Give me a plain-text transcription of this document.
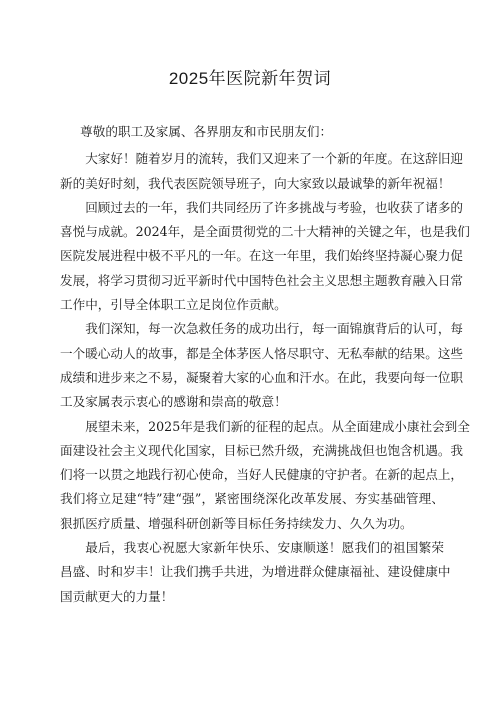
2025年医院新年贺词

尊敬的职工及家属、各界朋友和市民朋友们：

大家好！随着岁月的流转，我们又迎来了一个新的年度。在这辞旧迎
新的美好时刻，我代表医院领导班子，向大家致以最诚挚的新年祝福！
回顾过去的一年，我们共同经历了许多挑战与考验，也收获了诸多的
喜悦与成就。2024年，是全面贯彻党的二十大精神的关键之年，也是我们
医院发展进程中极不平凡的一年。在这一年里，我们始终坚持凝心聚力促
发展，将学习贯彻习近平新时代中国特色社会主义思想主题教育融入日常
工作中，引导全体职工立足岗位作贡献。
我们深知，每一次急救任务的成功出行，每一面锦旗背后的认可，每
一个暖心动人的故事，都是全体茅医人恪尽职守、无私奉献的结果。这些
成绩和进步来之不易，凝聚着大家的心血和汗水。在此，我要向每一位职
工及家属表示衷心的感谢和崇高的敬意！
展望未来，2025年是我们新的征程的起点。从全面建成小康社会到全
面建设社会主义现代化国家，目标已然升级，充满挑战但也饱含机遇。我
们将一以贯之地践行初心使命，当好人民健康的守护者。在新的起点上，
我们将立足建“特”建“强”，紧密围绕深化改革发展、夯实基础管理、
狠抓医疗质量、增强科研创新等目标任务持续发力、久久为功。
最后，我衷心祝愿大家新年快乐、安康顺遂！愿我们的祖国繁荣
昌盛、时和岁丰！让我们携手共进，为增进群众健康福祉、建设健康中
国贡献更大的力量！
